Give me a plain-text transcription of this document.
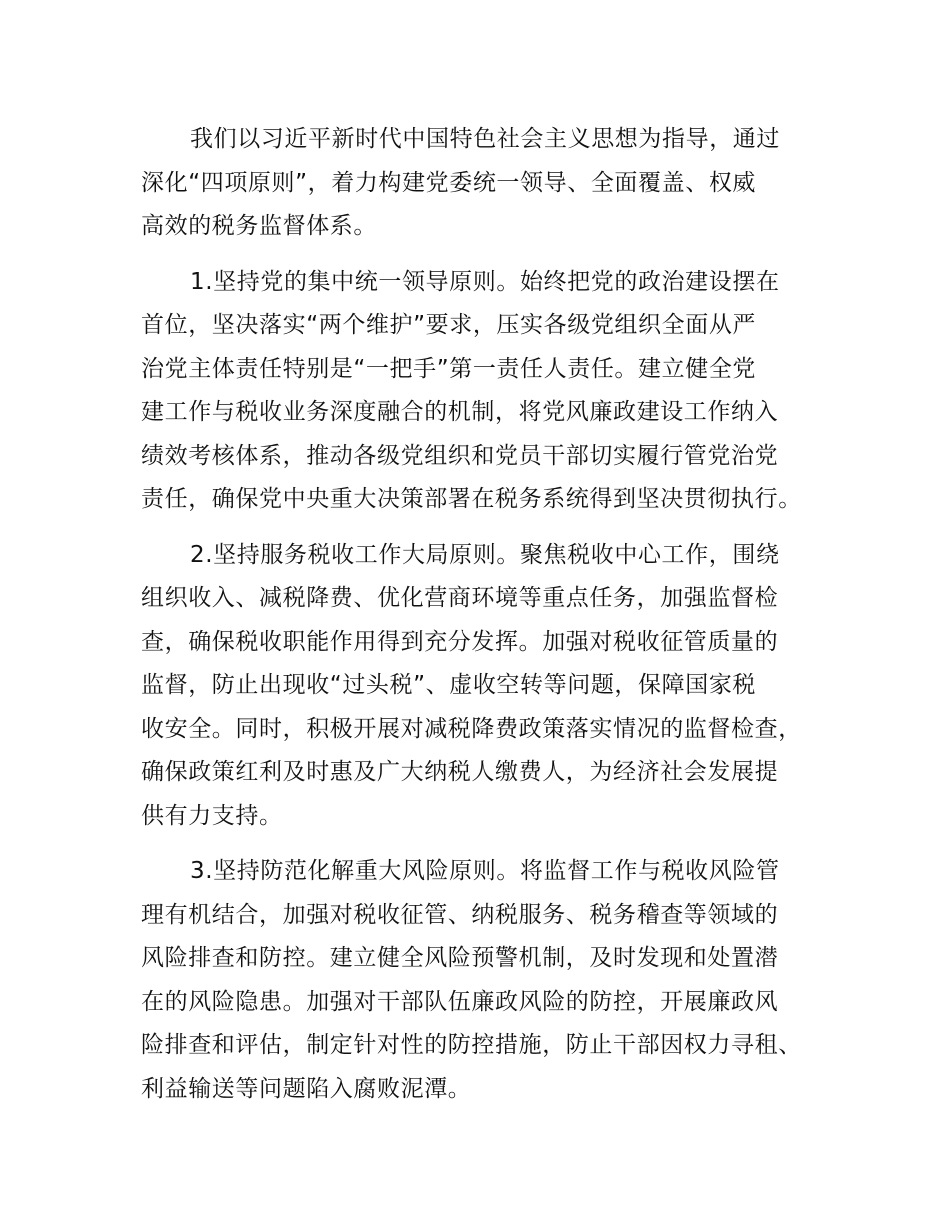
我们以习近平新时代中国特色社会主义思想为指导，通过
深化“四项原则”，着力构建党委统一领导、全面覆盖、权威
高效的税务监督体系。

1.坚持党的集中统一领导原则。始终把党的政治建设摆在
首位，坚决落实“两个维护”要求，压实各级党组织全面从严
治党主体责任特别是“一把手”第一责任人责任。建立健全党
建工作与税收业务深度融合的机制，将党风廉政建设工作纳入
绩效考核体系，推动各级党组织和党员干部切实履行管党治党
责任，确保党中央重大决策部署在税务系统得到坚决贯彻执行。

2.坚持服务税收工作大局原则。聚焦税收中心工作，围绕
组织收入、减税降费、优化营商环境等重点任务，加强监督检
查，确保税收职能作用得到充分发挥。加强对税收征管质量的
监督，防止出现收“过头税”、虚收空转等问题，保障国家税
收安全。同时，积极开展对减税降费政策落实情况的监督检查，
确保政策红利及时惠及广大纳税人缴费人，为经济社会发展提
供有力支持。

3.坚持防范化解重大风险原则。将监督工作与税收风险管
理有机结合，加强对税收征管、纳税服务、税务稽查等领域的
风险排查和防控。建立健全风险预警机制，及时发现和处置潜
在的风险隐患。加强对干部队伍廉政风险的防控，开展廉政风
险排查和评估，制定针对性的防控措施，防止干部因权力寻租、
利益输送等问题陷入腐败泥潭。
